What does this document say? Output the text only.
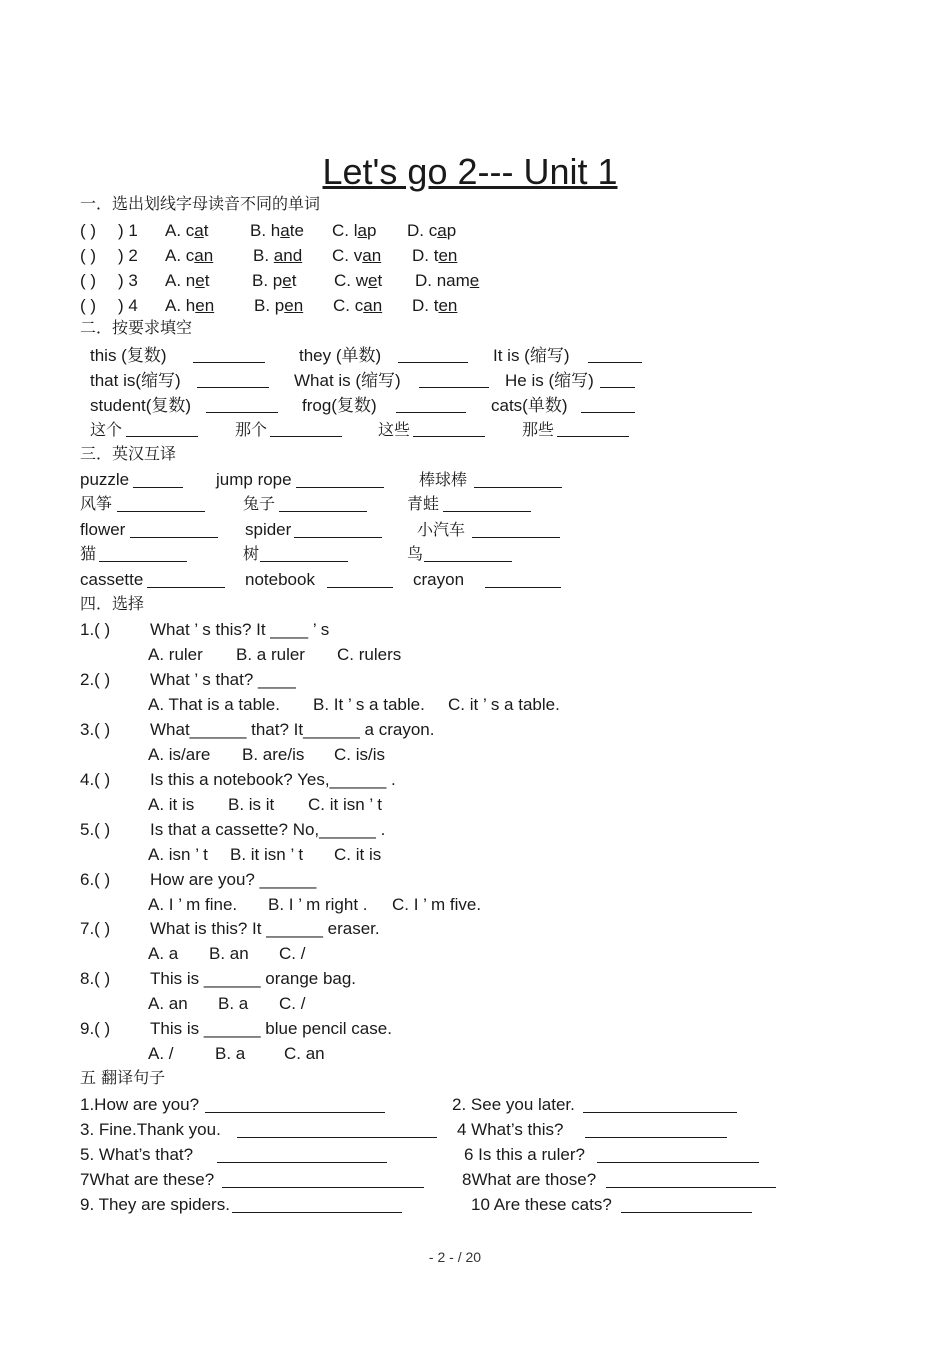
Let's go 2--- Unit 1
一．选出划线字母读音不同的单词
( ) ) 1 A. cat B. hate C. lap D. cap
( ) ) 2 A. can B. and C. van D. ten
( ) ) 3 A. net	B. pet C. wet D. name
( ) ) 4 A. hen B. pen C. can D. ten
二．按要求填空
this (复数)	they (单数)	It is (缩写)
that is(缩写)	What is (缩写)	He is (缩写)
student(复数)	frog(复数)	cats(单数)
这个	那个	这些	那些
三．英汉互译
puzzle	jump rope	棒球棒
风筝	兔子	青蛙
flower	spider	小汽车
猫	树	鸟
cassette	notebook	crayon
四．选择
1.( ) What ’ s this? It ____ ’ s
A. ruler B. a ruler C. rulers
2.( ) What ’ s that? ____
A. That is a table. B. It ’ s a table. C. it ’ s a table.
3.( ) What______ that? It______ a crayon.
A. is/are B. are/is C. is/is
4.( ) Is this a notebook? Yes,______ .
A. it is B. is it C. it isn ’ t
5.( ) Is that a cassette? No,______ .
A. isn ’ t B. it isn ’ t C. it is
6.( ) How are you? ______
A. I ’ m fine. B. I ’ m right . C. I ’ m five.
7.( ) What is this? It ______ eraser.
A. a B. an C. /
8.( ) This is ______ orange bag.
A. an B. a C. /
9.( ) This is ______ blue pencil case.
A. / B. a C. an
五 翻译句子
1.How are you?	2. See you later.
3. Fine.Thank you.	4 What’s this?
5. What’s that?	6 Is this a ruler?
7What are these?	8What are those?
9. They are spiders.	10 Are these cats?
- 2 - / 20
